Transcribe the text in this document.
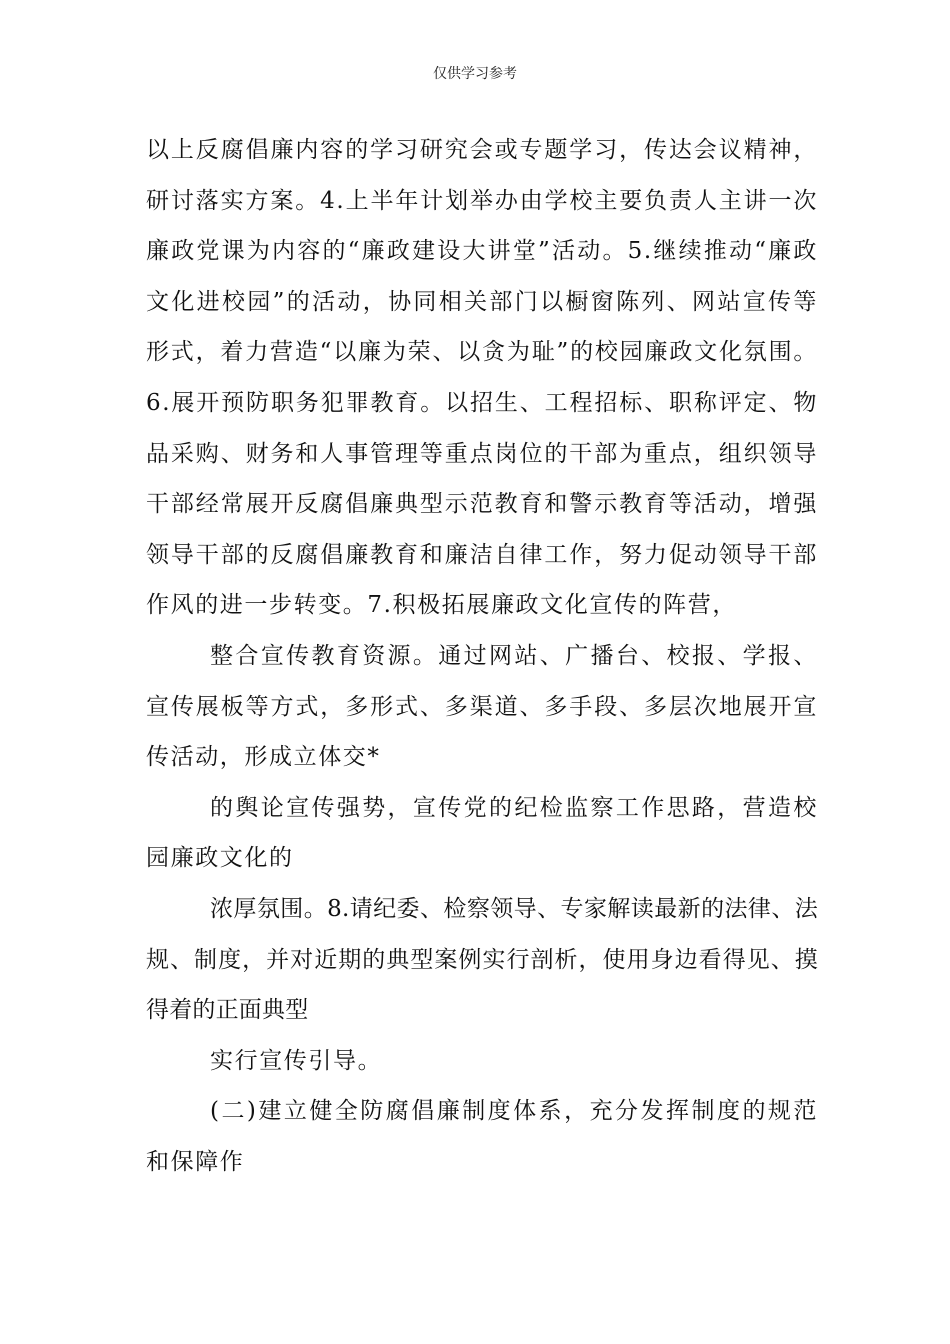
仅供学习参考

以上反腐倡廉内容的学习研究会或专题学习，传达会议精神，研讨落实方案。4.上半年计划举办由学校主要负责人主讲一次廉政党课为内容的“廉政建设大讲堂”活动。5.继续推动“廉政文化进校园”的活动，协同相关部门以橱窗陈列、网站宣传等形式，着力营造“以廉为荣、以贪为耻”的校园廉政文化氛围。6.展开预防职务犯罪教育。以招生、工程招标、职称评定、物品采购、财务和人事管理等重点岗位的干部为重点，组织领导干部经常展开反腐倡廉典型示范教育和警示教育等活动，增强领导干部的反腐倡廉教育和廉洁自律工作，努力促动领导干部作风的进一步转变。7.积极拓展廉政文化宣传的阵营，

整合宣传教育资源。通过网站、广播台、校报、学报、宣传展板等方式，多形式、多渠道、多手段、多层次地展开宣传活动，形成立体交*

的舆论宣传强势，宣传党的纪检监察工作思路，营造校园廉政文化的

浓厚氛围。8.请纪委、检察领导、专家解读最新的法律、法规、制度，并对近期的典型案例实行剖析，使用身边看得见、摸得着的正面典型

实行宣传引导。

(二)建立健全防腐倡廉制度体系，充分发挥制度的规范和保障作
